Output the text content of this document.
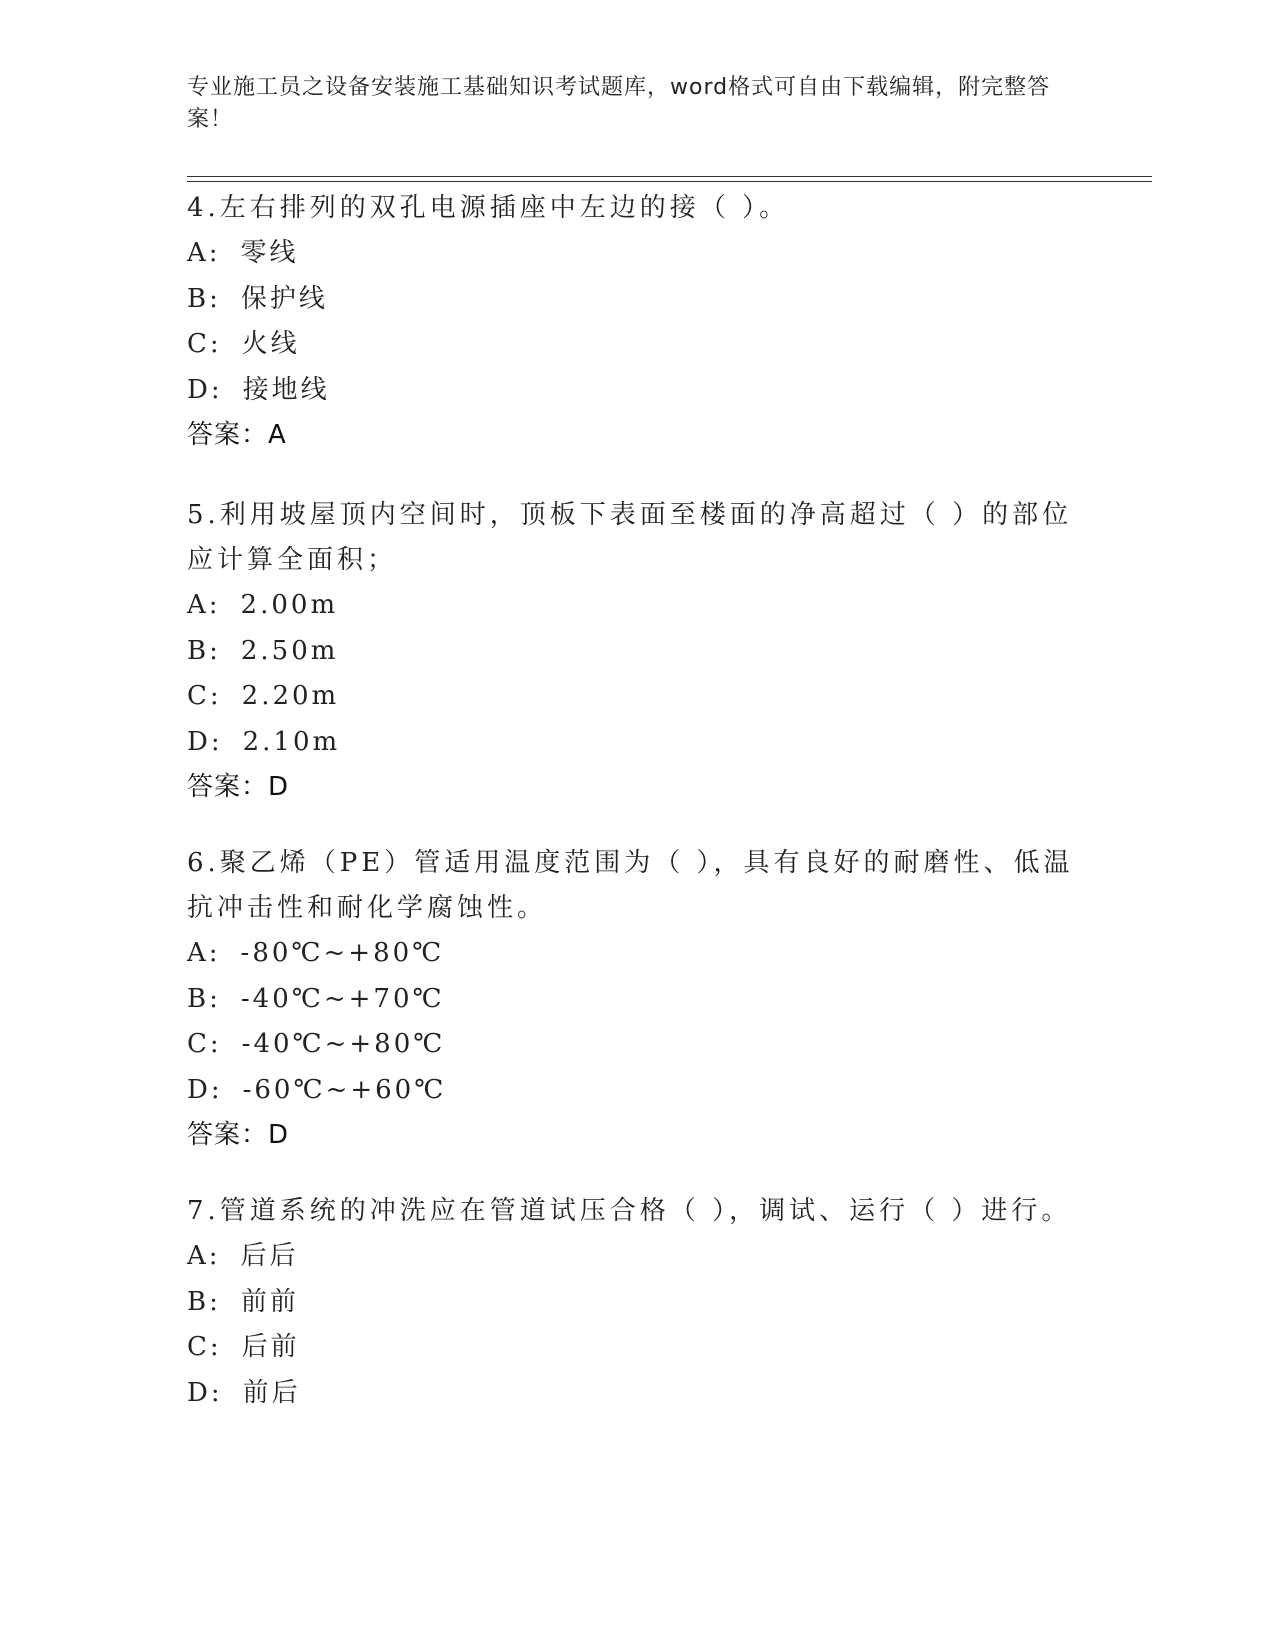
专业施工员之设备安装施工基础知识考试题库，word格式可自由下载编辑，附完整答案！
4.左右排列的双孔电源插座中左边的接（ ）。
A: 零线
B: 保护线
C: 火线
D: 接地线
答案：A
5.利用坡屋顶内空间时，顶板下表面至楼面的净高超过（ ）的部位应计算全面积；
A: 2.00m
B: 2.50m
C: 2.20m
D: 2.10m
答案：D
6.聚乙烯（PE）管适用温度范围为（ ），具有良好的耐磨性、低温抗冲击性和耐化学腐蚀性。
A: -80℃~+80℃
B: -40℃~+70℃
C: -40℃~+80℃
D: -60℃~+60℃
答案：D
7.管道系统的冲洗应在管道试压合格（ ），调试、运行（ ）进行。
A: 后后
B: 前前
C: 后前
D: 前后
